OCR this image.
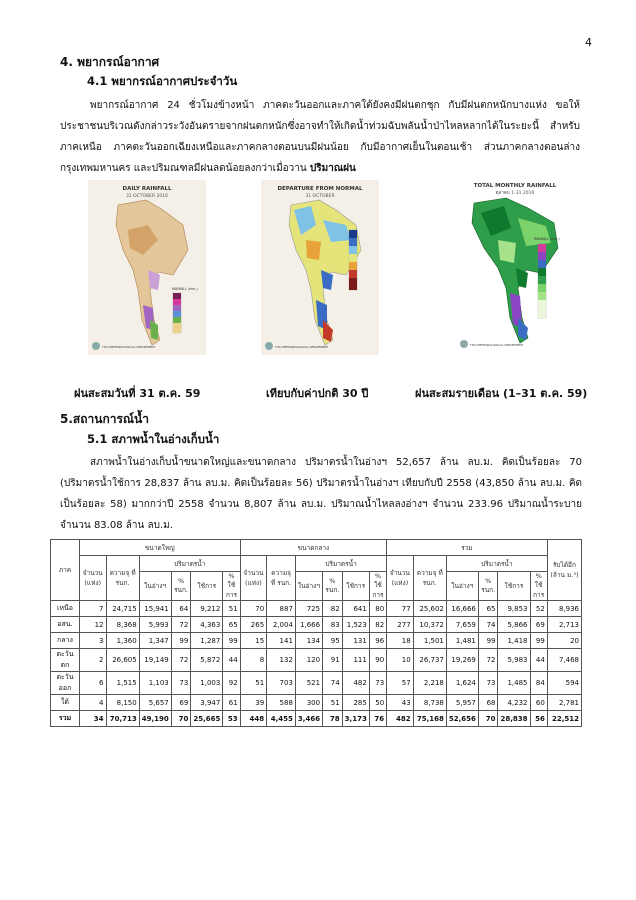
4
4. พยากรณ์อากาศ
4.1 พยากรณ์อากาศประจำวัน
พยากรณ์อากาศ 24 ชั่วโมงข้างหน้า ภาคตะวันออกและภาคใต้ยังคงมีฝนตกชุก กับมีฝนตกหนักบางแห่ง ขอให้ประชาชนบริเวณดังกล่าวระวังอันตรายจากฝนตกหนักซึ่งอาจทำให้เกิดน้ำท่วมฉับพลันน้ำป่าไหลหลากได้ในระยะนี้ สำหรับภาคเหนือ ภาคตะวันออกเฉียงเหนือและภาคกลางตอนบนมีฝนน้อย กับมีอากาศเย็นในตอนเช้า ส่วนภาคกลางตอนล่าง กรุงเทพมหานคร และปริมณฑลมีฝนลดน้อยลงกว่าเมื่อวาน ปริมาณฝน
DAILY RAINFALL
31 OCTOBER 2016
RAINFALL (mm.)
THAI METEOROLOGICAL DEPARTMENT
DEPARTURE FROM NORMAL
31 OCTOBER
THAI METEOROLOGICAL DEPARTMENT
TOTAL MONTHLY RAINFALL
ตุลาคม 1-31 2016
RAINFALL (mm.)
THAI METEOROLOGICAL DEPARTMENT
ฝนสะสมวันที่ 31 ต.ค. 59	เทียบกับค่าปกติ 30 ปี	ฝนสะสมรายเดือน (1–31 ต.ค. 59)
5.สถานการณ์น้ำ
5.1 สภาพน้ำในอ่างเก็บน้ำ
สภาพน้ำในอ่างเก็บน้ำขนาดใหญ่และขนาดกลาง ปริมาตรน้ำในอ่างฯ 52,657 ล้าน ลบ.ม. คิดเป็นร้อยละ 70 (ปริมาตรน้ำใช้การ 28,837 ล้าน ลบ.ม. คิดเป็นร้อยละ 56) ปริมาตรน้ำในอ่างฯ เทียบกับปี 2558 (43,850 ล้าน ลบ.ม. คิดเป็นร้อยละ 58) มากกว่าปี 2558 จำนวน 8,807 ล้าน ลบ.ม. ปริมาณน้ำไหลลงอ่างฯ จำนวน 233.96 ปริมาณน้ำระบาย จำนวน 83.08 ล้าน ลบ.ม.
ภาค	ขนาดใหญ่						ขนาดกลาง						รวม						รับได้อีก (ล้าน ม.³)
	จำนวน (แห่ง)	ความจุ ที่ รนก.	ปริมาตรน้ำ				จำนวน (แห่ง)	ความจุ ที่ รนก.	ปริมาตรน้ำ				จำนวน (แห่ง)	ความจุ ที่ รนก.	ปริมาตรน้ำ				
			ในอ่างฯ	% รนก.	ใช้การ	% ใช้การ			ในอ่างฯ	% รนก.	ใช้การ	% ใช้การ			ในอ่างฯ	% รนก.	ใช้การ	% ใช้การ	
เหนือ	7	24,715	15,941	64	9,212	51	70	887	725	82	641	80	77	25,602	16,666	65	9,853	52	8,936
อสน.	12	8,368	5,993	72	4,363	65	265	2,004	1,666	83	1,523	82	277	10,372	7,659	74	5,866	69	2,713
กลาง	3	1,360	1,347	99	1,287	99	15	141	134	95	131	96	18	1,501	1,481	99	1,418	99	20
ตะวันตก	2	26,605	19,149	72	5,872	44	8	132	120	91	111	90	10	26,737	19,269	72	5,983	44	7,468
ตะวันออก	6	1,515	1,103	73	1,003	92	51	703	521	74	482	73	57	2,218	1,624	73	1,485	84	594
ใต้	4	8,150	5,657	69	3,947	61	39	588	300	51	285	50	43	8,738	5,957	68	4,232	60	2,781
รวม	34	70,713	49,190	70	25,665	53	448	4,455	3,466	78	3,173	76	482	75,168	52,656	70	28,838	56	22,512
